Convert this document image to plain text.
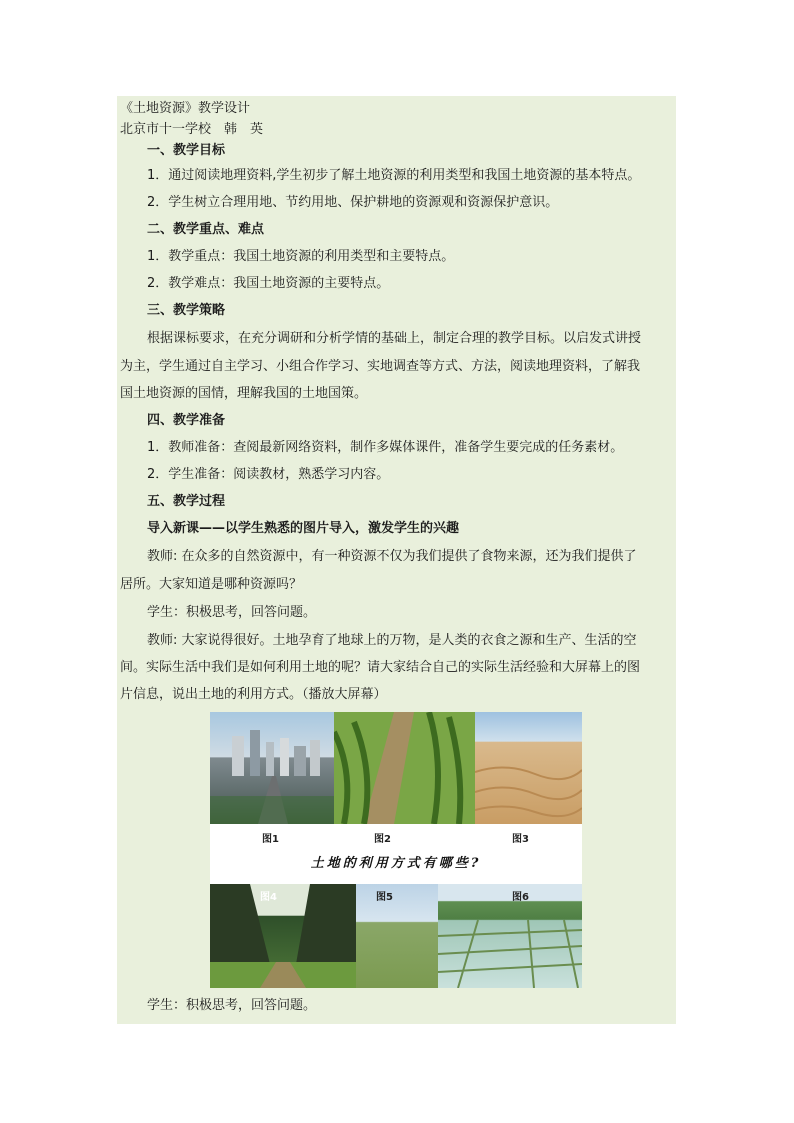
《土地资源》教学设计
北京市十一学校　韩　英
一、教学目标
1．通过阅读地理资料,学生初步了解土地资源的利用类型和我国土地资源的基本特点。
2．学生树立合理用地、节约用地、保护耕地的资源观和资源保护意识。
二、教学重点、难点
1．教学重点：我国土地资源的利用类型和主要特点。
2．教学难点：我国土地资源的主要特点。
三、教学策略
根据课标要求，在充分调研和分析学情的基础上，制定合理的教学目标。以启发式讲授
为主，学生通过自主学习、小组合作学习、实地调查等方式、方法，阅读地理资料，了解我
国土地资源的国情，理解我国的土地国策。
四、教学准备
1．教师准备：查阅最新网络资料，制作多媒体课件，准备学生要完成的任务素材。
2．学生准备：阅读教材，熟悉学习内容。
五、教学过程
导入新课——以学生熟悉的图片导入，激发学生的兴趣
教师: 在众多的自然资源中，有一种资源不仅为我们提供了食物来源，还为我们提供了
居所。大家知道是哪种资源吗？
学生：积极思考，回答问题。
教师: 大家说得很好。土地孕育了地球上的万物，是人类的衣食之源和生产、生活的空
间。实际生活中我们是如何利用土地的呢？请大家结合自己的实际生活经验和大屏幕上的图
片信息，说出土地的利用方式。（播放大屏幕）
图1	图2	图3
土地的利用方式有哪些?
图4	图5	图6
学生：积极思考，回答问题。
